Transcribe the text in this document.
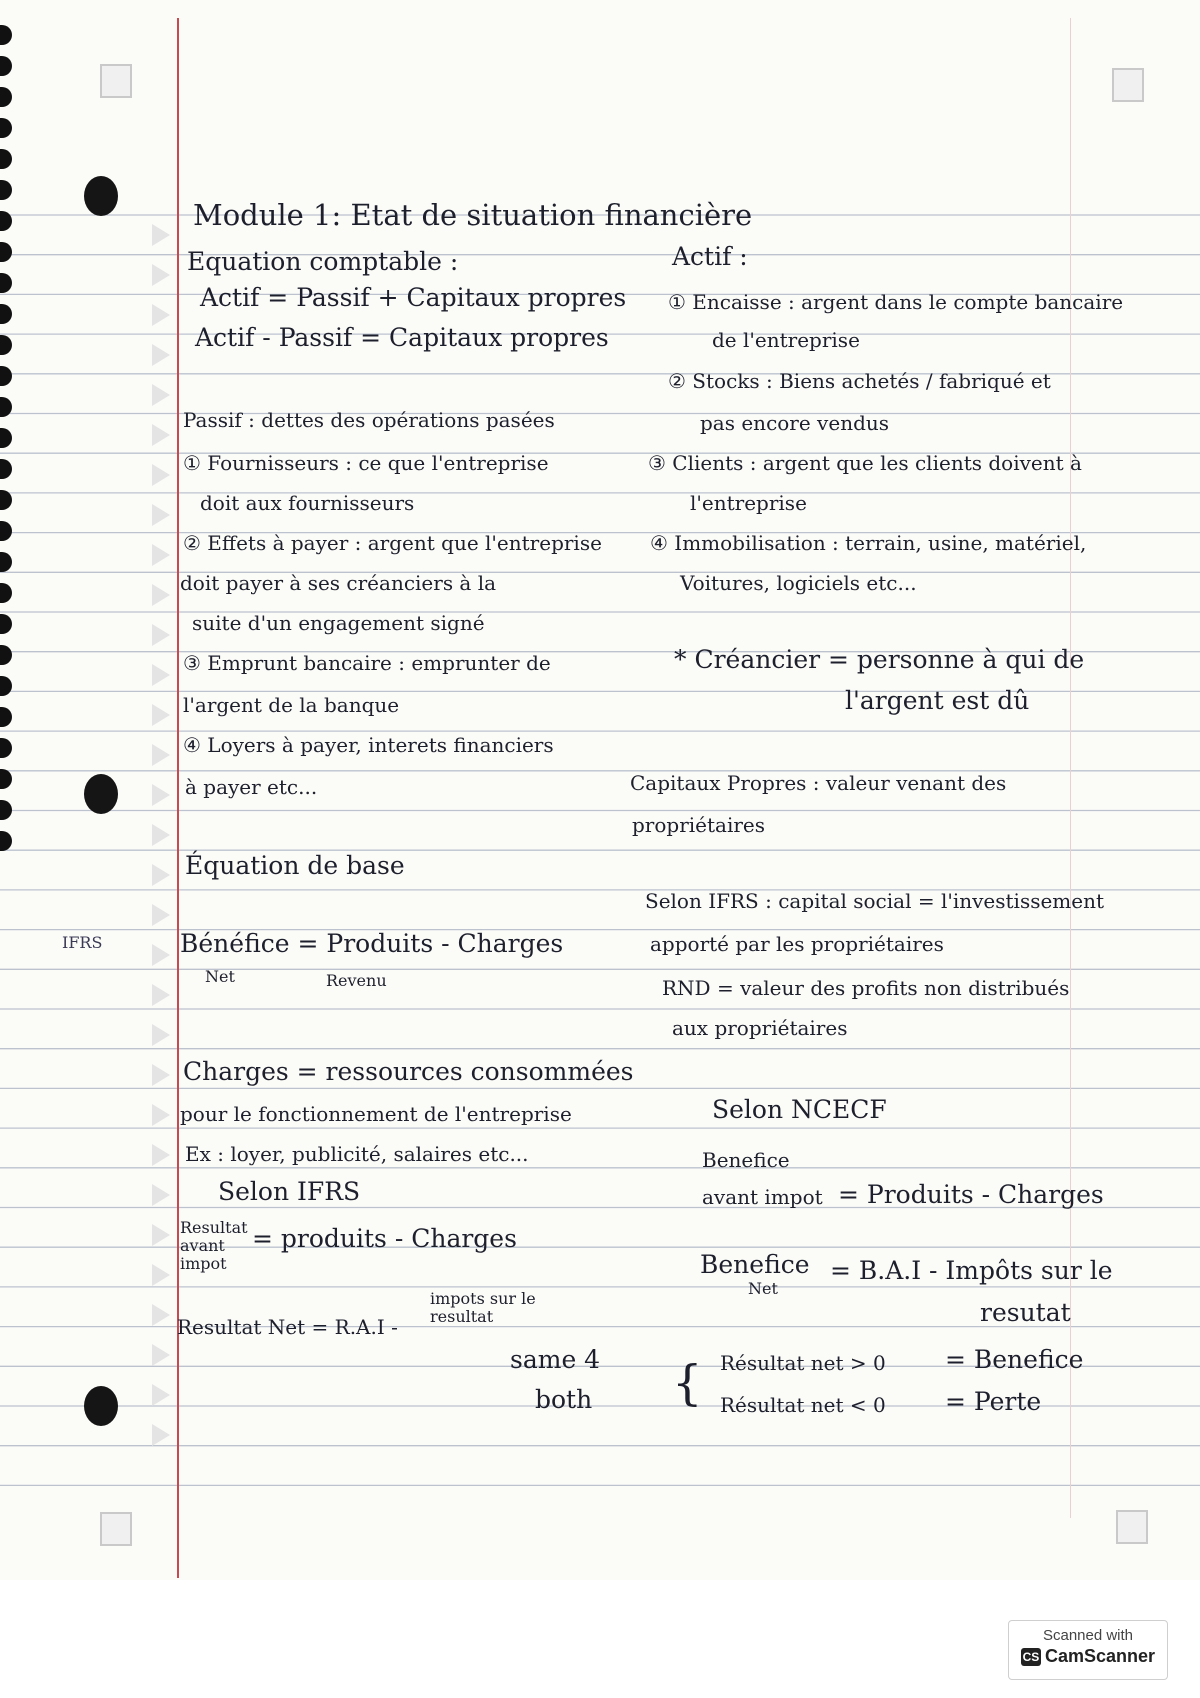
Module 1: Etat de situation financière
Equation comptable :
Actif = Passif + Capitaux propres
Actif - Passif = Capitaux propres
Passif : dettes des opérations pasées
① Fournisseurs : ce que l'entreprise
doit aux fournisseurs
② Effets à payer : argent que l'entreprise
doit payer à ses créanciers à la
suite d'un engagement signé
③ Emprunt bancaire : emprunter de
l'argent de la banque
④ Loyers à payer, interets financiers
à payer etc...
Équation de base
IFRS	Bénéfice = Produits - Charges
Net	Revenu
Charges = ressources consommées
pour le fonctionnement de l'entreprise
Ex : loyer, publicité, salaires etc...
Selon IFRS
Resultat avant impot
= produits - Charges
Resultat Net = R.A.I -
impots sur le resultat
Actif :
① Encaisse : argent dans le compte bancaire
de l'entreprise
② Stocks : Biens achetés / fabriqué et
pas encore vendus
③ Clients : argent que les clients doivent à
l'entreprise
④ Immobilisation : terrain, usine, matériel,
Voitures, logiciels etc...
* Créancier = personne à qui de
l'argent est dû
Capitaux Propres : valeur venant des
propriétaires
Selon IFRS : capital social = l'investissement
apporté par les propriétaires
RND = valeur des profits non distribués
aux propriétaires
Selon NCECF
Benefice
avant impot = Produits - Charges
Benefice
Net
= B.A.I - Impôts sur le
resutat
same 4
both { Résultat net > 0 = Benefice
Résultat net < 0 = Perte
Scanned with
CS CamScanner
